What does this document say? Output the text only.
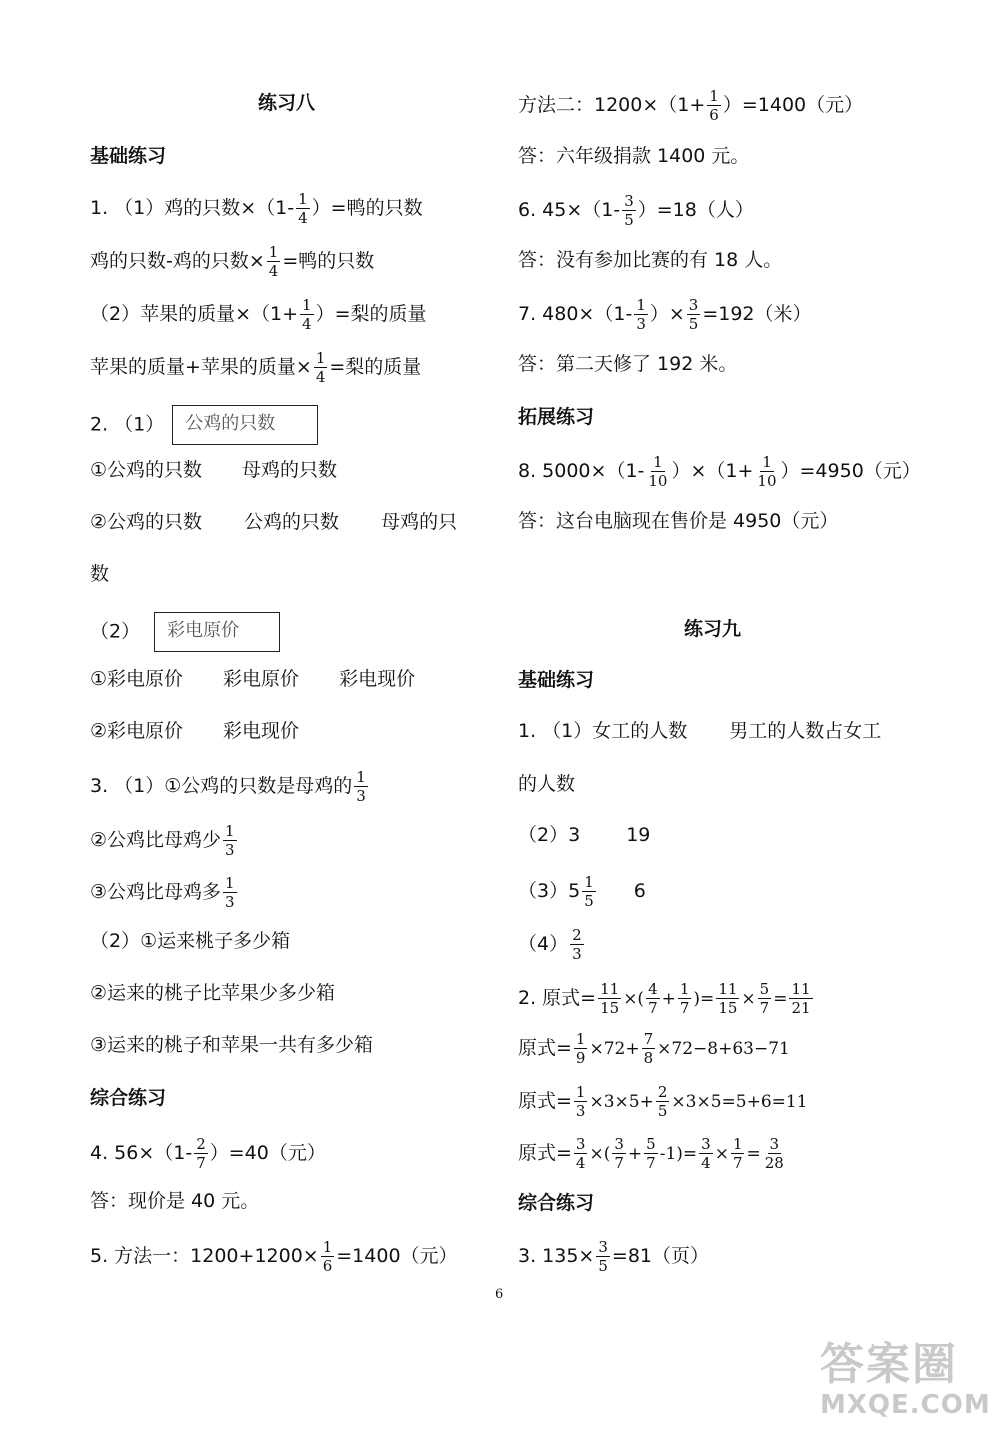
练习八
基础练习
1. （1）鸡的只数$\times(1- \frac{1}{4}$ ）=鸭的只数
鸡的只数-鸡的只数× $\frac{1}{4}$ =鸭的只数
（2）苹果的质量$\times(1+ \frac{1}{4}$ ）=梨的质量
苹果的质量+苹果的质量× $\frac{1}{4}$ =梨的质量
2. （1） 公鸡的只数
①公鸡的只数 母鸡的只数
②公鸡的只数 公鸡的只数 母鸡的只
数
（2） 彩电原价
①彩电原价 彩电原价 彩电现价
②彩电原价 彩电现价
3. （1）①公鸡的只数是母鸡的 $\frac{1}{3}$
②公鸡比母鸡少 $\frac{1}{3}$
③公鸡比母鸡多 $\frac{1}{3}$
（2）①运来桃子多少箱
②运来的桃子比苹果少多少箱
③运来的桃子和苹果一共有多少箱
综合练习
4. $56\times(1- \frac{2}{7} )=40$（元）
答：现价是 40 元。
5. 方法一：$1200+1200\times \frac{1}{6} =1400$（元）
方法二：$1200\times(1+ \frac{1}{6} )=1400$（元）
答：六年级捐款 1400 元。
6. $45\times(1- \frac{3}{5} )=18$（人）
答：没有参加比赛的有 18 人。
7. $480\times(1- \frac{1}{3}$ ）× $\frac{3}{5} =192$（米）
答：第二天修了 192 米。
拓展练习
8. $5000\times(1- \frac{1}{10} )\times(1+ \frac{1}{10} )=4950$（元）
答：这台电脑现在售价是 4950（元）
练习九
基础练习
1. （1）女工的人数 男工的人数占女工
的人数
（2）3 19
$(3)5 \frac{1}{5} 6$
$(4) \frac{2}{3}$
2. 原式= $\frac{11}{15}$ ×( $\frac{4}{7} + \frac{1}{7}$ )= $\frac{11}{15} \times \frac{5}{7} = \frac{11}{21}$
原式= $\frac{1}{9} \times 72+ \frac{7}{8} \times 72-8+63-71$
原式= $\frac{1}{3} \times 3\times 5+ \frac{2}{5} \times 3\times 5=5+6=11$
原式= $\frac{3}{4}$ ×( $\frac{3}{7} + \frac{5}{7} -1)= \frac{3}{4} \times \frac{1}{7} = \frac{3}{28}$
综合练习
3. $135\times \frac{3}{5} =81$（页）
6
答案圈
MXQE.COM
